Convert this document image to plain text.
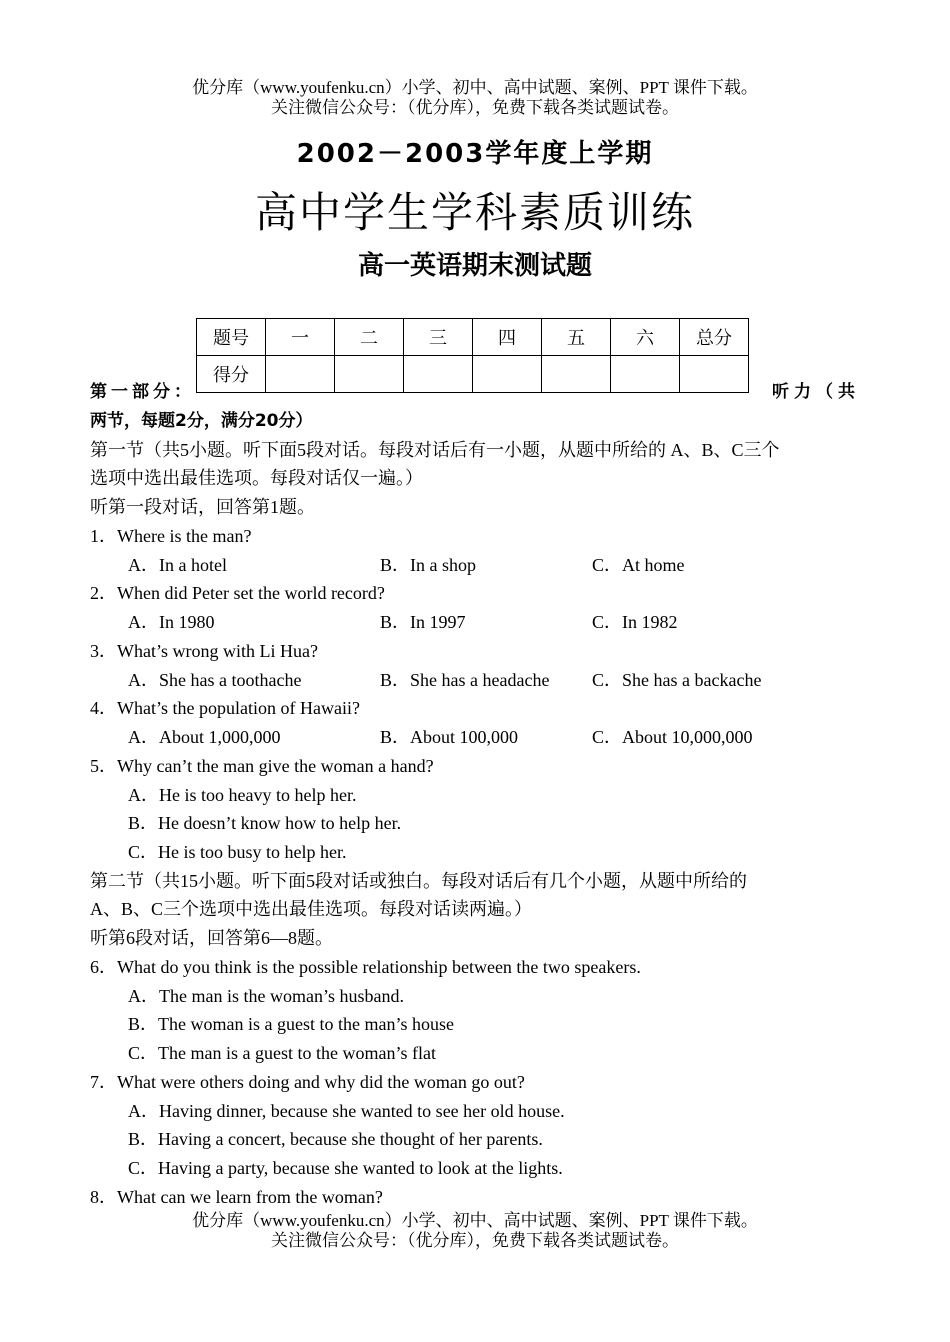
优分库（www.youfenku.cn）小学、初中、高中试题、案例、PPT 课件下载。
关注微信公众号：（优分库），免费下载各类试题试卷。
2002－2003学年度上学期
高中学生学科素质训练
高一英语期末测试题
题号	一	二	三	四	五	六	总分
得分							
第一部分：	听力（共
两节，每题2分，满分20分）
第一节（共5小题。听下面5段对话。每段对话后有一小题，从题中所给的 A、B、C三个
选项中选出最佳选项。每段对话仅一遍。）
听第一段对话，回答第1题。
1．Where is the man?
A．In a hotel	B．In a shop	C．At home
2．When did Peter set the world record?
A．In 1980	B．In 1997	C．In 1982
3．What’s wrong with Li Hua?
A．She has a toothache	B．She has a headache C．She has a backache
4．What’s the population of Hawaii?
A．About 1,000,000	B．About 100,000	C．About 10,000,000
5．Why can’t the man give the woman a hand?
A．He is too heavy to help her.
B．He doesn’t know how to help her.
C．He is too busy to help her.
第二节（共15小题。听下面5段对话或独白。每段对话后有几个小题，从题中所给的
A、B、C三个选项中选出最佳选项。每段对话读两遍。）
听第6段对话，回答第6—8题。
6．What do you think is the possible relationship between the two speakers.
A．The man is the woman’s husband.
B．The woman is a guest to the man’s house
C．The man is a guest to the woman’s flat
7．What were others doing and why did the woman go out?
A．Having dinner, because she wanted to see her old house.
B．Having a concert, because she thought of her parents.
C．Having a party, because she wanted to look at the lights.
8．What can we learn from the woman?
优分库（www.youfenku.cn）小学、初中、高中试题、案例、PPT 课件下载。
关注微信公众号：（优分库），免费下载各类试题试卷。
